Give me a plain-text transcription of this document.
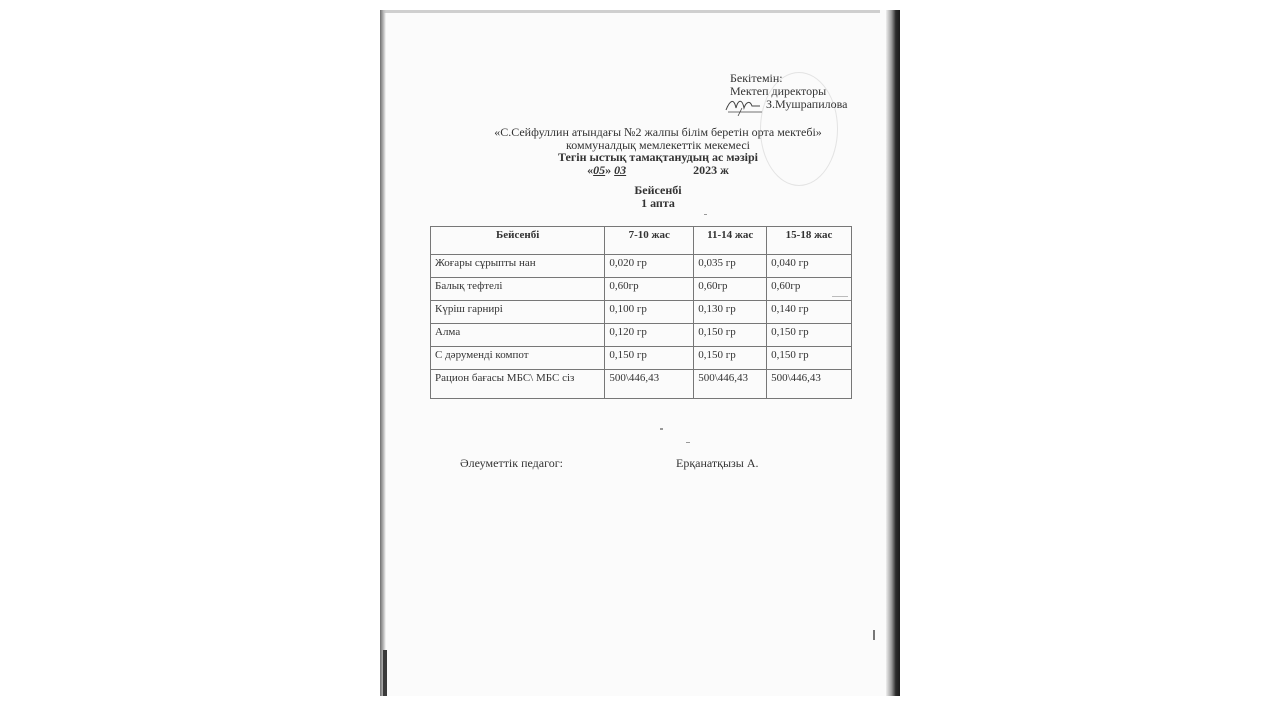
Бекітемін:
Мектеп директоры
З.Мушрапилова
«С.Сейфуллин атындағы №2 жалпы білім беретін орта мектебі»
коммуналдық мемлекеттік мекемесі
Тегін ыстық тамақтанудың ас мәзірі
«05» 03	2023 ж
Бейсенбі
1 апта
Бейсенбі	7-10 жас	11-14 жас	15-18 жас
Жоғары сұрыпты нан	0,020 гр	0,035 гр	0,040 гр
Балық тефтелі	0,60гр	0,60гр	0,60гр
Күріш гарнирі	0,100 гр	0,130 гр	0,140 гр
Алма	0,120 гр	0,150 гр	0,150 гр
С дәруменді компот	0,150 гр	0,150 гр	0,150 гр
Рацион бағасы МБС\ МБС сіз	500\446,43	500\446,43	500\446,43
Әлеуметтік педагог:	Ерқанатқызы А.
